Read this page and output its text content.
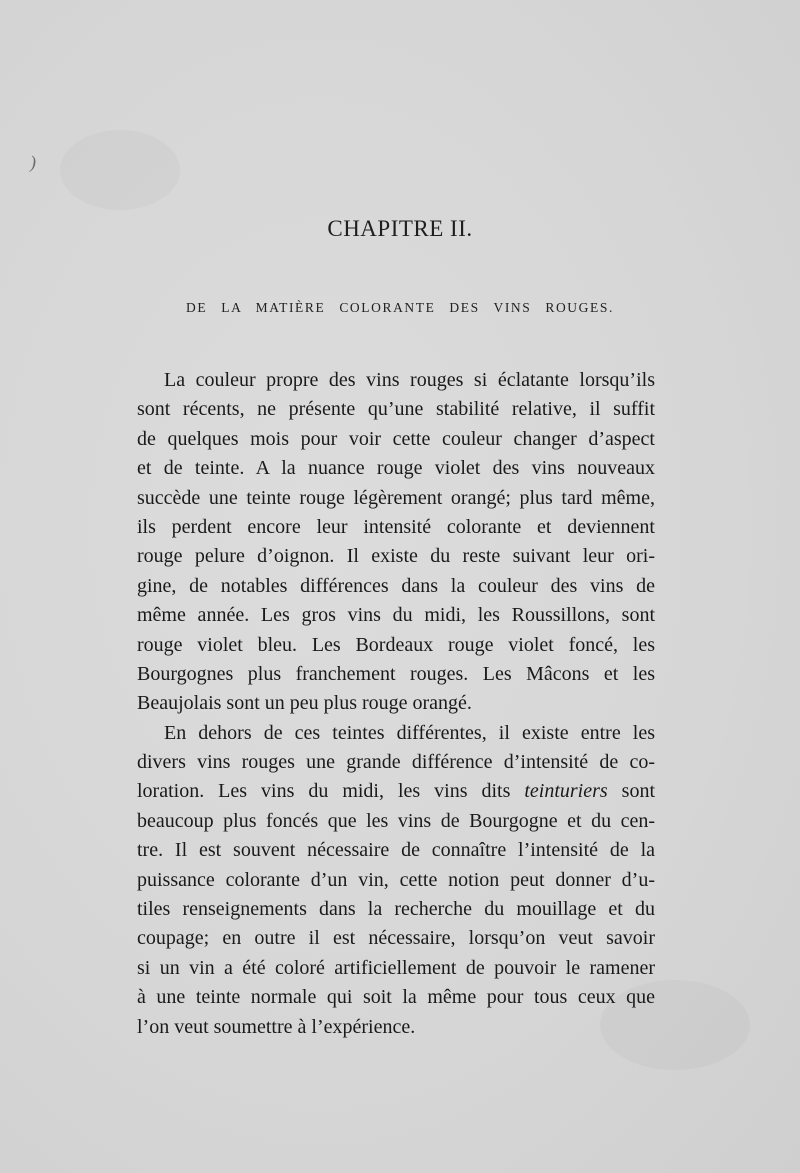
)
CHAPITRE II.
DE LA MATIÈRE COLORANTE DES VINS ROUGES.
La couleur propre des vins rouges si éclatante lorsqu’ils
sont récents, ne présente qu’une stabilité relative, il suffit
de quelques mois pour voir cette couleur changer d’aspect
et de teinte. A la nuance rouge violet des vins nouveaux
succède une teinte rouge légèrement orangé; plus tard même,
ils perdent encore leur intensité colorante et deviennent
rouge pelure d’oignon. Il existe du reste suivant leur ori-
gine, de notables différences dans la couleur des vins de
même année. Les gros vins du midi, les Roussillons, sont
rouge violet bleu. Les Bordeaux rouge violet foncé, les
Bourgognes plus franchement rouges. Les Mâcons et les
Beaujolais sont un peu plus rouge orangé.
En dehors de ces teintes différentes, il existe entre les
divers vins rouges une grande différence d’intensité de co-
loration. Les vins du midi, les vins dits teinturiers sont
beaucoup plus foncés que les vins de Bourgogne et du cen-
tre. Il est souvent nécessaire de connaître l’intensité de la
puissance colorante d’un vin, cette notion peut donner d’u-
tiles renseignements dans la recherche du mouillage et du
coupage; en outre il est nécessaire, lorsqu’on veut savoir
si un vin a été coloré artificiellement de pouvoir le ramener
à une teinte normale qui soit la même pour tous ceux que
l’on veut soumettre à l’expérience.
